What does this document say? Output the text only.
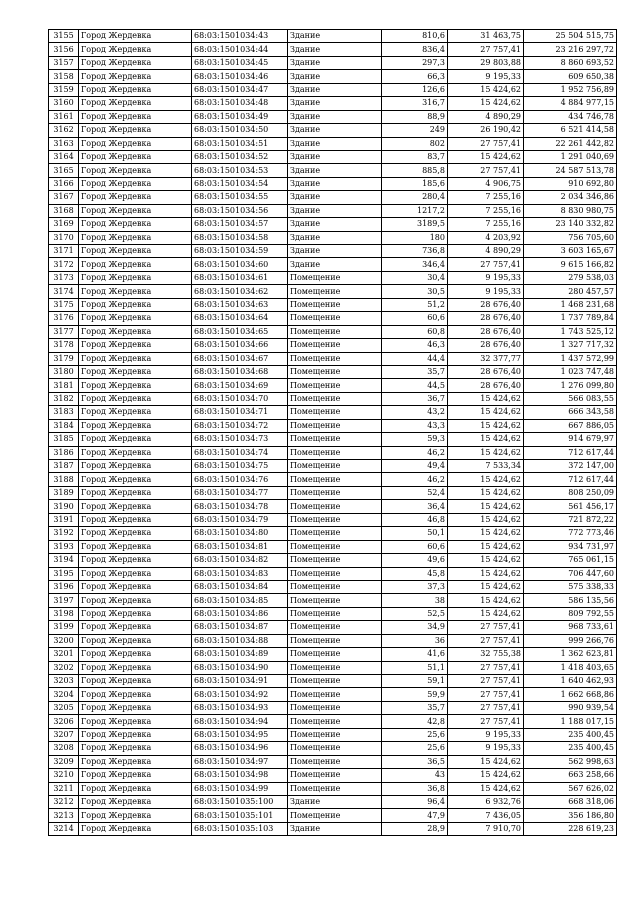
3155	Город Жердевка	68:03:1501034:43	Здание	810,6	31 463,75	25 504 515,75
3156	Город Жердевка	68:03:1501034:44	Здание	836,4	27 757,41	23 216 297,72
3157	Город Жердевка	68:03:1501034:45	Здание	297,3	29 803,88	8 860 693,52
3158	Город Жердевка	68:03:1501034:46	Здание	66,3	9 195,33	609 650,38
3159	Город Жердевка	68:03:1501034:47	Здание	126,6	15 424,62	1 952 756,89
3160	Город Жердевка	68:03:1501034:48	Здание	316,7	15 424,62	4 884 977,15
3161	Город Жердевка	68:03:1501034:49	Здание	88,9	4 890,29	434 746,78
3162	Город Жердевка	68:03:1501034:50	Здание	249	26 190,42	6 521 414,58
3163	Город Жердевка	68:03:1501034:51	Здание	802	27 757,41	22 261 442,82
3164	Город Жердевка	68:03:1501034:52	Здание	83,7	15 424,62	1 291 040,69
3165	Город Жердевка	68:03:1501034:53	Здание	885,8	27 757,41	24 587 513,78
3166	Город Жердевка	68:03:1501034:54	Здание	185,6	4 906,75	910 692,80
3167	Город Жердевка	68:03:1501034:55	Здание	280,4	7 255,16	2 034 346,86
3168	Город Жердевка	68:03:1501034:56	Здание	1217,2	7 255,16	8 830 980,75
3169	Город Жердевка	68:03:1501034:57	Здание	3189,5	7 255,16	23 140 332,82
3170	Город Жердевка	68:03:1501034:58	Здание	180	4 203,92	756 705,60
3171	Город Жердевка	68:03:1501034:59	Здание	736,8	4 890,29	3 603 165,67
3172	Город Жердевка	68:03:1501034:60	Здание	346,4	27 757,41	9 615 166,82
3173	Город Жердевка	68:03:1501034:61	Помещение	30,4	9 195,33	279 538,03
3174	Город Жердевка	68:03:1501034:62	Помещение	30,5	9 195,33	280 457,57
3175	Город Жердевка	68:03:1501034:63	Помещение	51,2	28 676,40	1 468 231,68
3176	Город Жердевка	68:03:1501034:64	Помещение	60,6	28 676,40	1 737 789,84
3177	Город Жердевка	68:03:1501034:65	Помещение	60,8	28 676,40	1 743 525,12
3178	Город Жердевка	68:03:1501034:66	Помещение	46,3	28 676,40	1 327 717,32
3179	Город Жердевка	68:03:1501034:67	Помещение	44,4	32 377,77	1 437 572,99
3180	Город Жердевка	68:03:1501034:68	Помещение	35,7	28 676,40	1 023 747,48
3181	Город Жердевка	68:03:1501034:69	Помещение	44,5	28 676,40	1 276 099,80
3182	Город Жердевка	68:03:1501034:70	Помещение	36,7	15 424,62	566 083,55
3183	Город Жердевка	68:03:1501034:71	Помещение	43,2	15 424,62	666 343,58
3184	Город Жердевка	68:03:1501034:72	Помещение	43,3	15 424,62	667 886,05
3185	Город Жердевка	68:03:1501034:73	Помещение	59,3	15 424,62	914 679,97
3186	Город Жердевка	68:03:1501034:74	Помещение	46,2	15 424,62	712 617,44
3187	Город Жердевка	68:03:1501034:75	Помещение	49,4	7 533,34	372 147,00
3188	Город Жердевка	68:03:1501034:76	Помещение	46,2	15 424,62	712 617,44
3189	Город Жердевка	68:03:1501034:77	Помещение	52,4	15 424,62	808 250,09
3190	Город Жердевка	68:03:1501034:78	Помещение	36,4	15 424,62	561 456,17
3191	Город Жердевка	68:03:1501034:79	Помещение	46,8	15 424,62	721 872,22
3192	Город Жердевка	68:03:1501034:80	Помещение	50,1	15 424,62	772 773,46
3193	Город Жердевка	68:03:1501034:81	Помещение	60,6	15 424,62	934 731,97
3194	Город Жердевка	68:03:1501034:82	Помещение	49,6	15 424,62	765 061,15
3195	Город Жердевка	68:03:1501034:83	Помещение	45,8	15 424,62	706 447,60
3196	Город Жердевка	68:03:1501034:84	Помещение	37,3	15 424,62	575 338,33
3197	Город Жердевка	68:03:1501034:85	Помещение	38	15 424,62	586 135,56
3198	Город Жердевка	68:03:1501034:86	Помещение	52,5	15 424,62	809 792,55
3199	Город Жердевка	68:03:1501034:87	Помещение	34,9	27 757,41	968 733,61
3200	Город Жердевка	68:03:1501034:88	Помещение	36	27 757,41	999 266,76
3201	Город Жердевка	68:03:1501034:89	Помещение	41,6	32 755,38	1 362 623,81
3202	Город Жердевка	68:03:1501034:90	Помещение	51,1	27 757,41	1 418 403,65
3203	Город Жердевка	68:03:1501034:91	Помещение	59,1	27 757,41	1 640 462,93
3204	Город Жердевка	68:03:1501034:92	Помещение	59,9	27 757,41	1 662 668,86
3205	Город Жердевка	68:03:1501034:93	Помещение	35,7	27 757,41	990 939,54
3206	Город Жердевка	68:03:1501034:94	Помещение	42,8	27 757,41	1 188 017,15
3207	Город Жердевка	68:03:1501034:95	Помещение	25,6	9 195,33	235 400,45
3208	Город Жердевка	68:03:1501034:96	Помещение	25,6	9 195,33	235 400,45
3209	Город Жердевка	68:03:1501034:97	Помещение	36,5	15 424,62	562 998,63
3210	Город Жердевка	68:03:1501034:98	Помещение	43	15 424,62	663 258,66
3211	Город Жердевка	68:03:1501034:99	Помещение	36,8	15 424,62	567 626,02
3212	Город Жердевка	68:03:1501035:100	Здание	96,4	6 932,76	668 318,06
3213	Город Жердевка	68:03:1501035:101	Помещение	47,9	7 436,05	356 186,80
3214	Город Жердевка	68:03:1501035:103	Здание	28,9	7 910,70	228 619,23
